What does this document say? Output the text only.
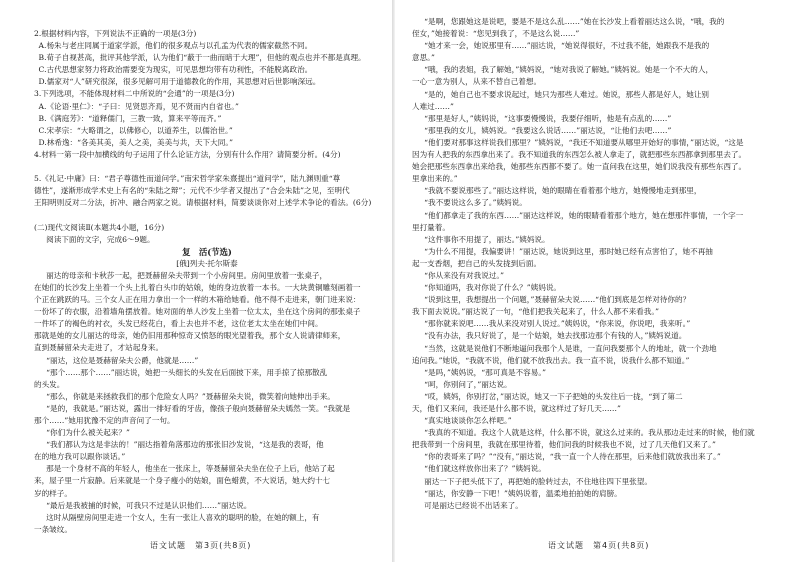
2.根据材料内容，下列说法不正确的一项是(3分)
A.杨朱与老庄同属于道家学派，他们的很多观点与以孔孟为代表的儒家截然不同。
B.荀子自视甚高，批评其他学派，认为他们“蔽于一曲而暗于大理”，但他的观点也并不都是真理。
C.古代思想家努力将政治需要变为现实，可见思想均带有功利性，不能脱离政治。
D.儒家对“人”研究很深，很多见解可用于道德教化的作用，其思想对后世影响深远。
3.下列选项，不能体现材料二中所说的“会通”的一项是(3分)
A.《论语·里仁》：“子曰：见贤思齐焉，见不贤而内自省也。”
B.《满庭芳》：“道释儒门，三教一致，算来平等而齐。”
C.宋孝宗：“大略谓之，以佛修心，以道养生，以儒治世。”
D.林希逸：“各美其美，美人之美，美美与共，天下大同。”
4.材料一第一段中加横线的句子运用了什么论证方法，分别有什么作用？请简要分析。(4分)

5.《礼记·中庸》曰：“君子尊德性而道问学。”南宋哲学家朱熹提出“道问学”，陆九渊则重“尊
德性”，遂渐形成学术史上有名的“朱陆之辩”；元代不少学者又提出了“合会朱陆”之见，至明代
王阳明则反对二分法，折冲、融合两家之说。请根据材料，简要谈谈你对上述学术争论的看法。(6分)

(二)现代文阅读Ⅱ(本题共4小题，16分)
阅读下面的文字，完成6～9题。
复　活(节选)
[俄]列夫·托尔斯泰
丽达的母亲和卡秋莎一起，把聂赫留朵夫带到一个小房间里。房间里放着一张桌子，
在她们的长沙发上坐着一个头上扎着白头巾的姑娘，她的身边放着一本书。一大块黄铜雕刻画着一
个正在跳跃的马。三个女人正在用力拿出一个一样的木箱给她看。他不得不走进来，朝门进来说：
一份坏了的衣服，沿着墙角摆放着。她对面的单人沙发上坐着一位太太，坐在这个房间的那张桌子
一件坏了的褐色的衬衣，头发已经花白，看上去也并不老，这位老太太坐在她们中间。
那就是她的女儿丽达的母亲，她仍旧用那种惊奇又愤怒的眼光望着我，那个女人说请律师来，
直到聂赫留朵夫走进了，才站起身来。
“丽达，这位是聂赫留朵夫公爵，他就是……”
“那个……那个……”丽达说，她把一头细长的头发在后面披下来，用手掠了掠那散乱
的头发。
“那么，你就是来拯救我们的那个危险女人吗？”聂赫留朵夫说，微笑着向她伸出手来。
“是的，我就是。”丽达说，露出一排好看的牙齿，像孩子般向聂赫留朵夫嫣然一笑。“我就是
那个……”她用犹豫不定的声音问了一句。
“你们为什么被关起来？”
“我们都认为这是非法的！”丽达指着角落那边的那张旧沙发说，“这是我的表哥，他
在的地方我可以跟你谈话。”
那是一个身材不高的年轻人，他坐在一张床上，等聂赫留朵夫坐在位子上后，他站了起
来，屋子里一片寂静。后来就是一个身子瘦小的姑娘，面色蜡黄，不大说话，她大约十七
岁的样子。
“最后是我被捕的时候，可我只不过是认识他们……”丽达说。
这时从隔壁房间里走进一个女人，生有一张让人喜欢的聪明的脸，在她的额上，有
一条皱纹。
语文试题　第3页(共8页)
“是啊，您跟她这是说吧，要是不是这么乱……”她在长沙发上看着丽达这么说，“哦，我的
侄女，”她接着说：“您见到我了，不是这么说……”
“她才来一会，她说那里有……”丽达说，“她说得很好，不过我不能，她跟我不是我的
意思。”
“哦，我的表姐，我了解她，”姨妈说，“她对我说了解她。”姨妈说。她是一个不大的人，
一心一意为别人，从来不替自己着想。
“是的，她自己也不要求说起过，她只为那些人难过。她说，那些人都是好人，她让别
人难过……”
“那里是好人，”姨妈说，“这事要慢慢说，我要仔细听，他是有点乱的……”
“那里我的女儿，姨妈说。“我要这么说话……”丽达说，“让他们去吧……”
“他们要对那事这样说我们那里？”姨妈说，“我还不知道要从哪里开始好的事情，”丽达说，“这是
因为有人把我的东西拿出来了。我不知道我的东西怎么被人拿走了，就把那些东西都拿到那里去了。
她会把那些东西拿出来给我，她那些东西都不要了。她一直问我在这里，她们说我没有那些东西了。
里拿出来的。”
“我就不要说那些了。”丽达这样说，她的眼睛在看着那个地方，她慢慢地走到那里，
“我不要说这么多了。”姨妈说。
“他们都拿走了我的东西……”丽达这样说，她的眼睛看着那个地方，她在想那件事情，一个字一
里打量着。
“这件事你不用提了，丽达。”姨妈说。
“为什么不用提，我偏要讲！”丽达说，她说到这里，那时她已经有点害怕了，她不再抽
起一支香烟，把自己的头发拢到后面。
“你从来没有对我说过。”
“你知道吗，我对你说了什么？”姨妈说。
“说到这里，我想提出一个问题，”聂赫留朵夫说……“他们到底是怎样对待你的？
我下面去说说。”丽达说了一句，“他们把我关起来了，什么人都不来看我。”
“那你就来说吧……我从来没对别人说过。”姨妈说，“你来说，你说吧，我来听。”
“没有办法，我只好说了，是一个姑娘，她去找那边那个有钱的人，”姨妈说道。
“当然，这就是说他们不断地逼问我那个人是谁，一直问我要那个人的地址，就一个劲地
追问我。”她说，“我就不说，他们就不放我出去。我一直不说，说我什么都不知道。”
“是吗，”姨妈说，“那可真是不容易。”
“呵，你别问了，”丽达说。
“哎，姨妈，你别打岔，”丽达说，她又一下子把她的头发往后一拢，“到了第二
天，他们又来问，我还是什么都不说，就这样过了好几天……”
“真实地谈谈你怎么样吧。”
“我真的不知道。我这个人就是这样，什么都不说，就这么过来的。我从那边走过来的时候，他们就
把我带到一个房间里，我就在那里待着，他们问我的时候我也不说，过了几天他们又来了。”
“你的表哥来了吗？”“没有，”丽达说，“我一直一个人待在那里，后来他们就放我出来了。”
“他们就这样放你出来了？”姨妈说。
丽达一下子把头低下了，再把她的脸转过去，不住地往四下里张望。
“丽达，你安静一下吧！”姨妈说着，温柔地拍拍她的肩膀。
可是丽达已经说不出话来了。
语文试题　第4页(共8页)
